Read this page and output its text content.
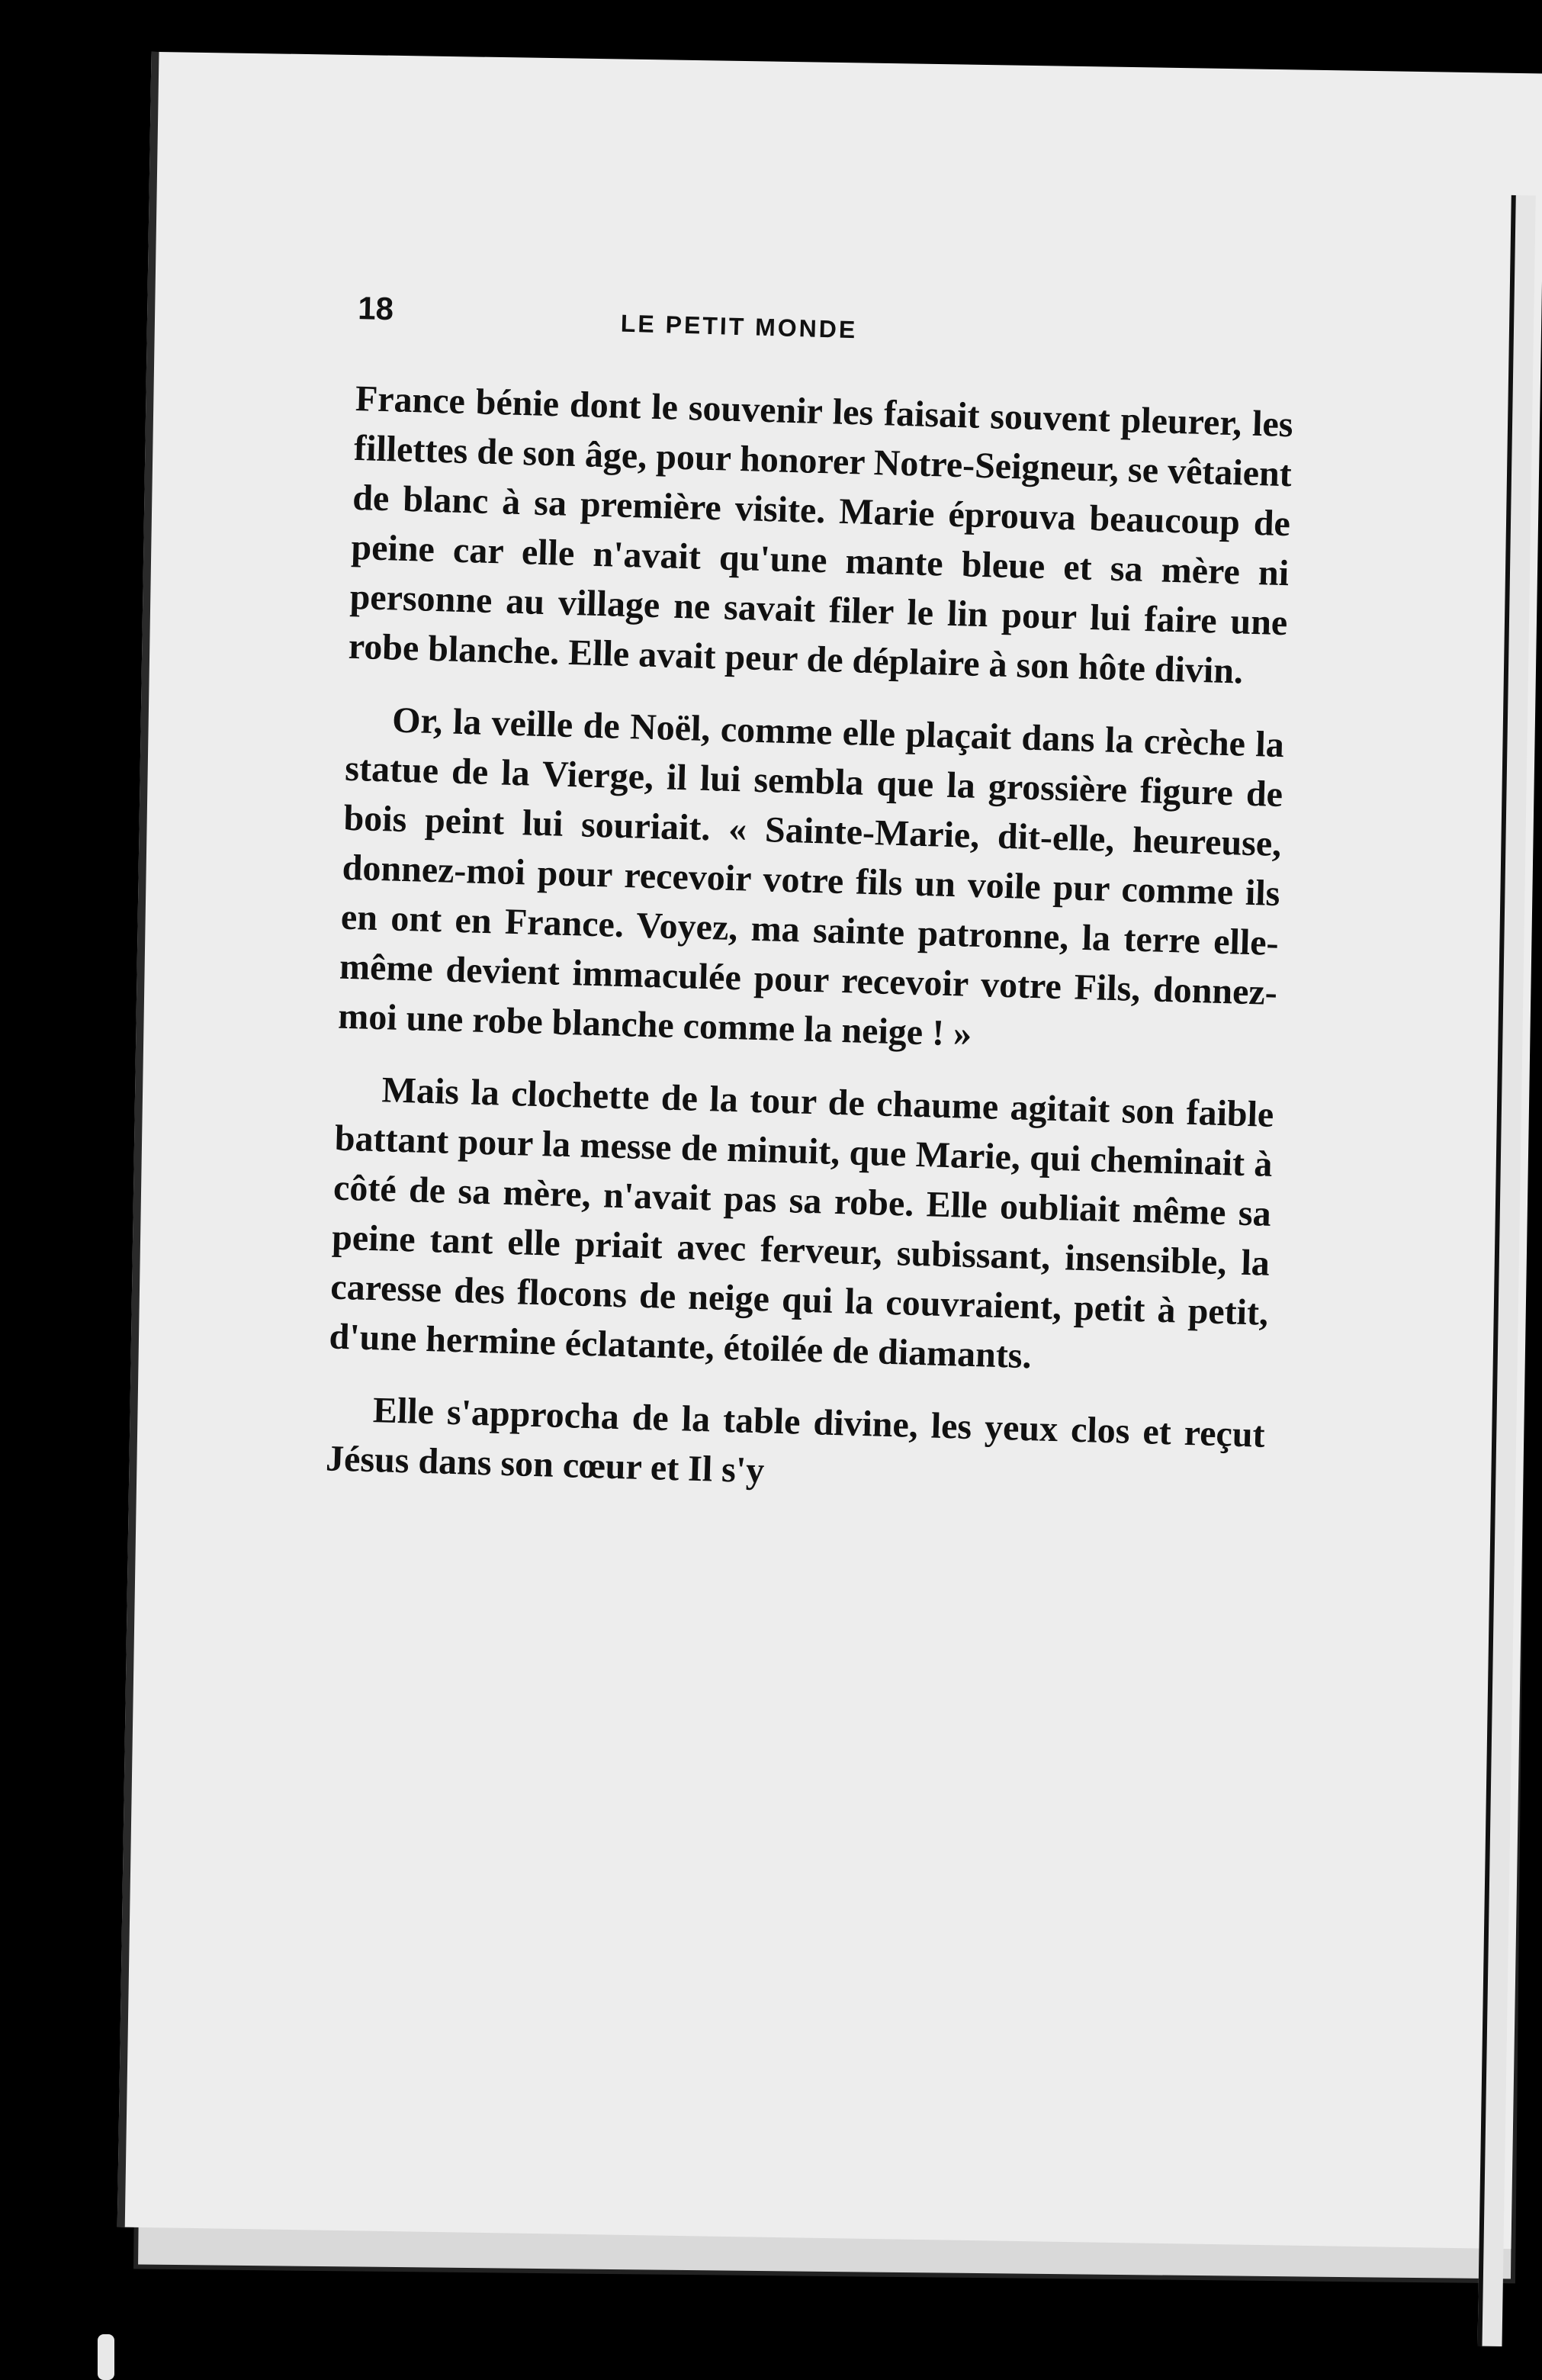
18	LE PETIT MONDE

France bénie dont le souvenir les faisait souvent pleurer, les fillettes de son âge, pour honorer Notre-Seigneur, se vêtaient de blanc à sa première visite. Marie éprouva beaucoup de peine car elle n'avait qu'une mante bleue et sa mère ni personne au village ne savait filer le lin pour lui faire une robe blanche. Elle avait peur de déplaire à son hôte divin.

Or, la veille de Noël, comme elle plaçait dans la crèche la statue de la Vierge, il lui sembla que la grossière figure de bois peint lui souriait. « Sainte-Marie, dit-elle, heureuse, donnez-moi pour recevoir votre fils un voile pur comme ils en ont en France. Voyez, ma sainte patronne, la terre elle-même devient immaculée pour recevoir votre Fils, donnez-moi une robe blanche comme la neige ! »

Mais la clochette de la tour de chaume agitait son faible battant pour la messe de minuit, que Marie, qui cheminait à côté de sa mère, n'avait pas sa robe. Elle oubliait même sa peine tant elle priait avec ferveur, subissant, insensible, la caresse des flocons de neige qui la couvraient, petit à petit, d'une hermine éclatante, étoilée de diamants.

Elle s'approcha de la table divine, les yeux clos et reçut Jésus dans son cœur et Il s'y
